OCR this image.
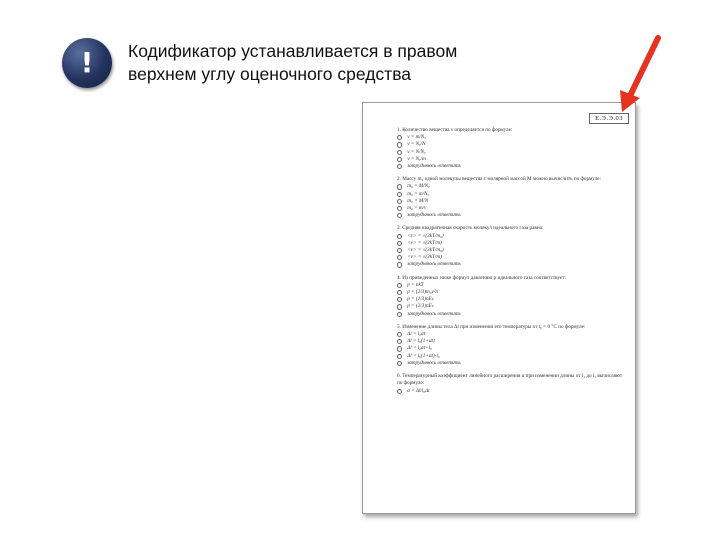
!	Кодификатор устанавливается в правом
верхнем углу оценочного средства
Е.Э.Э.03
1. Количество вещества ν определяется по формуле:
ν = m/Nₐ
ν = Nₐ/N
ν = N/Nₐ
ν = Nₐ/m
затрудняюсь ответить
2. Массу m₀ одной молекулы вещества с молярной массой M можно вычислить по формуле:
m₀ = M/Nₐ
m₀ = m/Nₐ
m₀ = M/N
m₀ = m/ν
затрудняюсь ответить
3. Средняя квадратичная скорость молекул идеального газа равна:
<v> = √(3kT/m₀)
<v> = √(2kT/m)
<v> = √(3kT/m₀)
<v> = √(3kT/m)
затрудняюсь ответить
4. Из приведенных ниже формул давлению p идеального газа соответствует:
p = nkT
p = (2/3)m₀v²n
p = (1/3)nEₖ
p = (2/3)nEₖ
затрудняюсь ответить
5. Изменение длины тела Δl при изменении его температуры от t₀ = 0 °C по формуле:
Δl = l₀αt
Δl = l₀(1+αt)
Δl = l₀αt+l₀
Δl = l₀(1+αt)-l₀
затрудняюсь ответить
6. Температурный коэффициент линейного расширения α при изменении длины от l₁ до l₂ вычисляют по формуле:
α = Δl/l₀Δt
